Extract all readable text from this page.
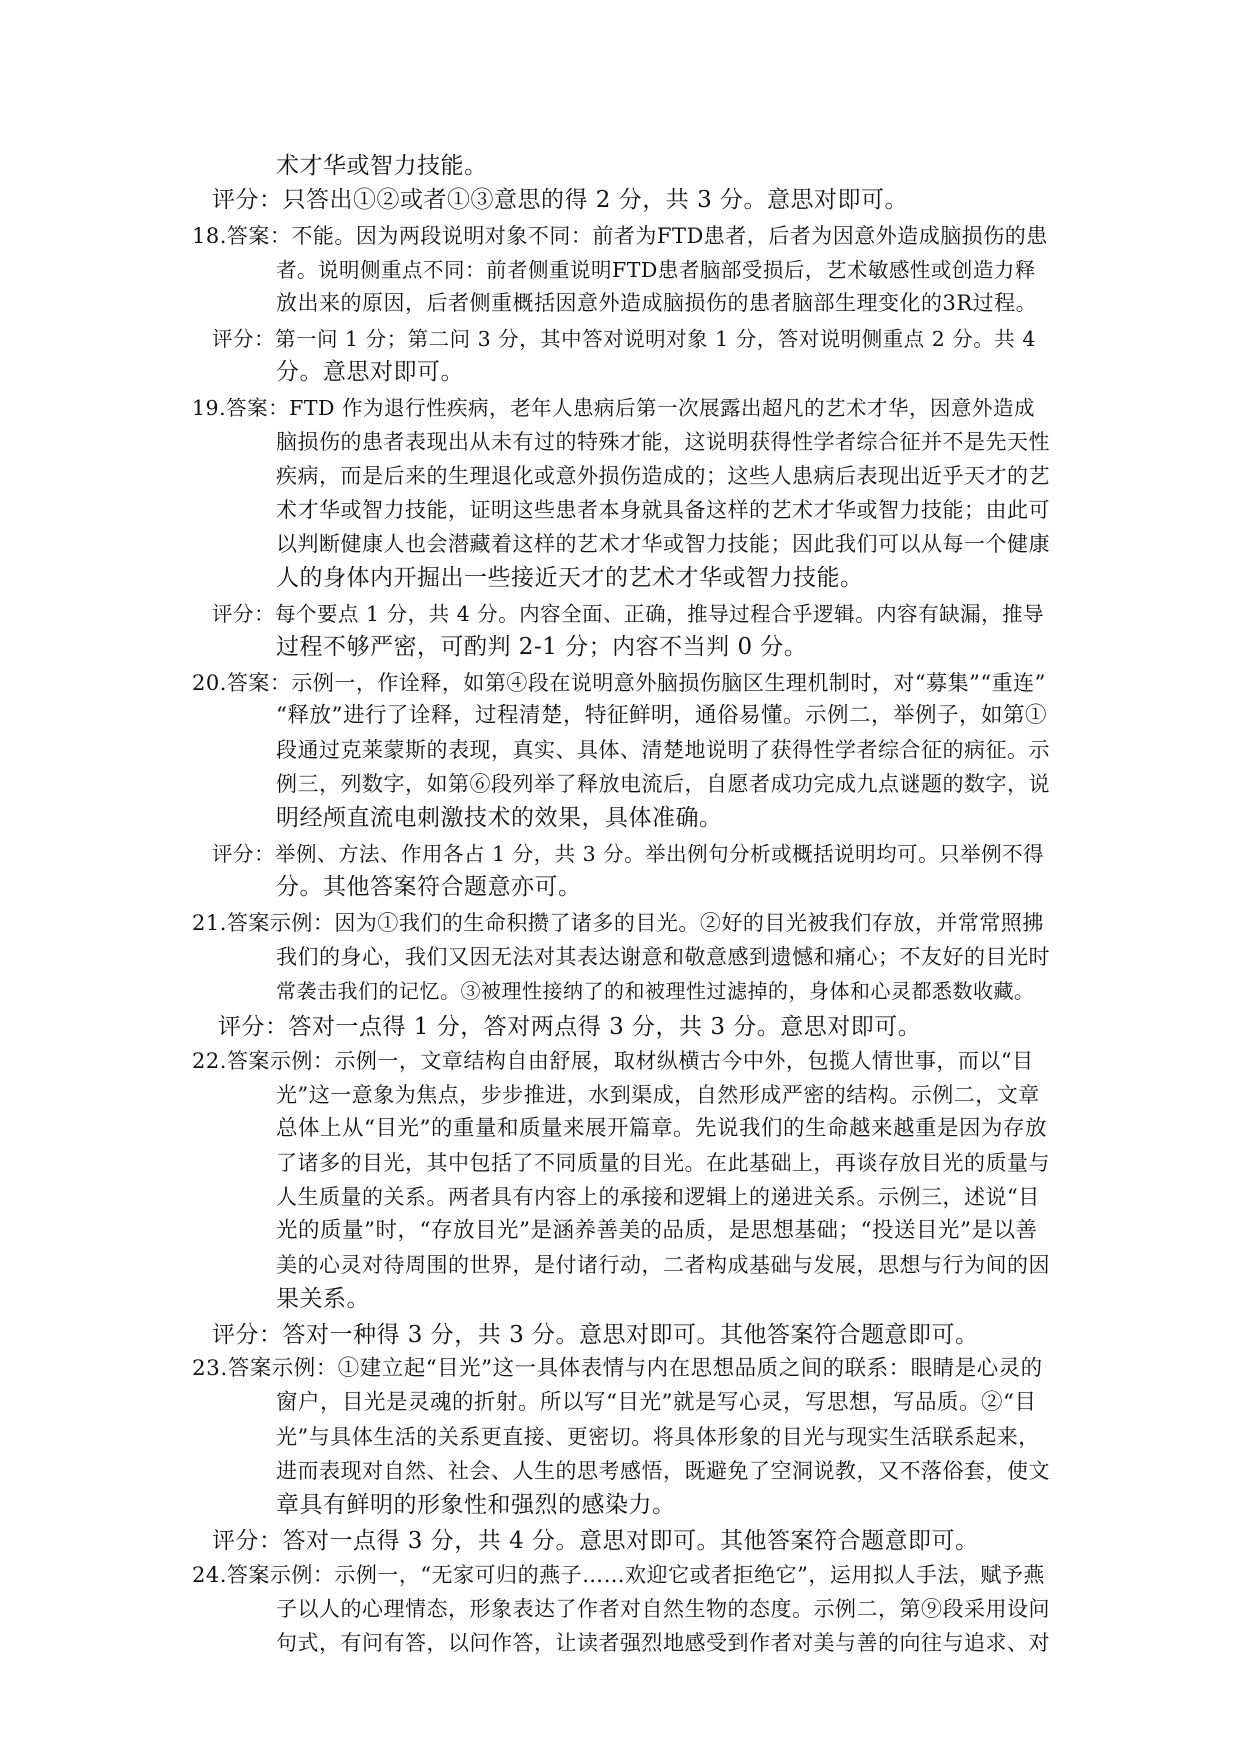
术才华或智力技能。
评分：只答出①②或者①③意思的得 2 分，共 3 分。意思对即可。
18.答案：不能。因为两段说明对象不同：前者为FTD患者，后者为因意外造成脑损伤的患
者。说明侧重点不同：前者侧重说明FTD患者脑部受损后，艺术敏感性或创造力释
放出来的原因，后者侧重概括因意外造成脑损伤的患者脑部生理变化的3R过程。
评分：第一问 1 分；第二问 3 分，其中答对说明对象 1 分，答对说明侧重点 2 分。共 4
分。意思对即可。
19.答案：FTD 作为退行性疾病，老年人患病后第一次展露出超凡的艺术才华，因意外造成
脑损伤的患者表现出从未有过的特殊才能，这说明获得性学者综合征并不是先天性
疾病，而是后来的生理退化或意外损伤造成的；这些人患病后表现出近乎天才的艺
术才华或智力技能，证明这些患者本身就具备这样的艺术才华或智力技能；由此可
以判断健康人也会潜藏着这样的艺术才华或智力技能；因此我们可以从每一个健康
人的身体内开掘出一些接近天才的艺术才华或智力技能。
评分：每个要点 1 分，共 4 分。内容全面、正确，推导过程合乎逻辑。内容有缺漏，推导
过程不够严密，可酌判 2-1 分；内容不当判 0 分。
20.答案：示例一，作诠释，如第④段在说明意外脑损伤脑区生理机制时，对“募集”“重连”
“释放”进行了诠释，过程清楚，特征鲜明，通俗易懂。示例二，举例子，如第①
段通过克莱蒙斯的表现，真实、具体、清楚地说明了获得性学者综合征的病征。示
例三，列数字，如第⑥段列举了释放电流后，自愿者成功完成九点谜题的数字，说
明经颅直流电刺激技术的效果，具体准确。
评分：举例、方法、作用各占 1 分，共 3 分。举出例句分析或概括说明均可。只举例不得
分。其他答案符合题意亦可。
21.答案示例：因为①我们的生命积攒了诸多的目光。②好的目光被我们存放，并常常照拂
我们的身心，我们又因无法对其表达谢意和敬意感到遗憾和痛心；不友好的目光时
常袭击我们的记忆。③被理性接纳了的和被理性过滤掉的，身体和心灵都悉数收藏。
评分：答对一点得 1 分，答对两点得 3 分，共 3 分。意思对即可。
22.答案示例：示例一，文章结构自由舒展，取材纵横古今中外，包揽人情世事，而以“目
光”这一意象为焦点，步步推进，水到渠成，自然形成严密的结构。示例二，文章
总体上从“目光”的重量和质量来展开篇章。先说我们的生命越来越重是因为存放
了诸多的目光，其中包括了不同质量的目光。在此基础上，再谈存放目光的质量与
人生质量的关系。两者具有内容上的承接和逻辑上的递进关系。示例三，述说“目
光的质量”时，“存放目光”是涵养善美的品质，是思想基础；“投送目光”是以善
美的心灵对待周围的世界，是付诸行动，二者构成基础与发展，思想与行为间的因
果关系。
评分：答对一种得 3 分，共 3 分。意思对即可。其他答案符合题意即可。
23.答案示例：①建立起“目光”这一具体表情与内在思想品质之间的联系：眼睛是心灵的
窗户，目光是灵魂的折射。所以写“目光”就是写心灵，写思想，写品质。②“目
光”与具体生活的关系更直接、更密切。将具体形象的目光与现实生活联系起来，
进而表现对自然、社会、人生的思考感悟，既避免了空洞说教，又不落俗套，使文
章具有鲜明的形象性和强烈的感染力。
评分：答对一点得 3 分，共 4 分。意思对即可。其他答案符合题意即可。
24.答案示例：示例一，“无家可归的燕子……欢迎它或者拒绝它”，运用拟人手法，赋予燕
子以人的心理情态，形象表达了作者对自然生物的态度。示例二，第⑨段采用设问
句式，有问有答，以问作答，让读者强烈地感受到作者对美与善的向往与追求、对
